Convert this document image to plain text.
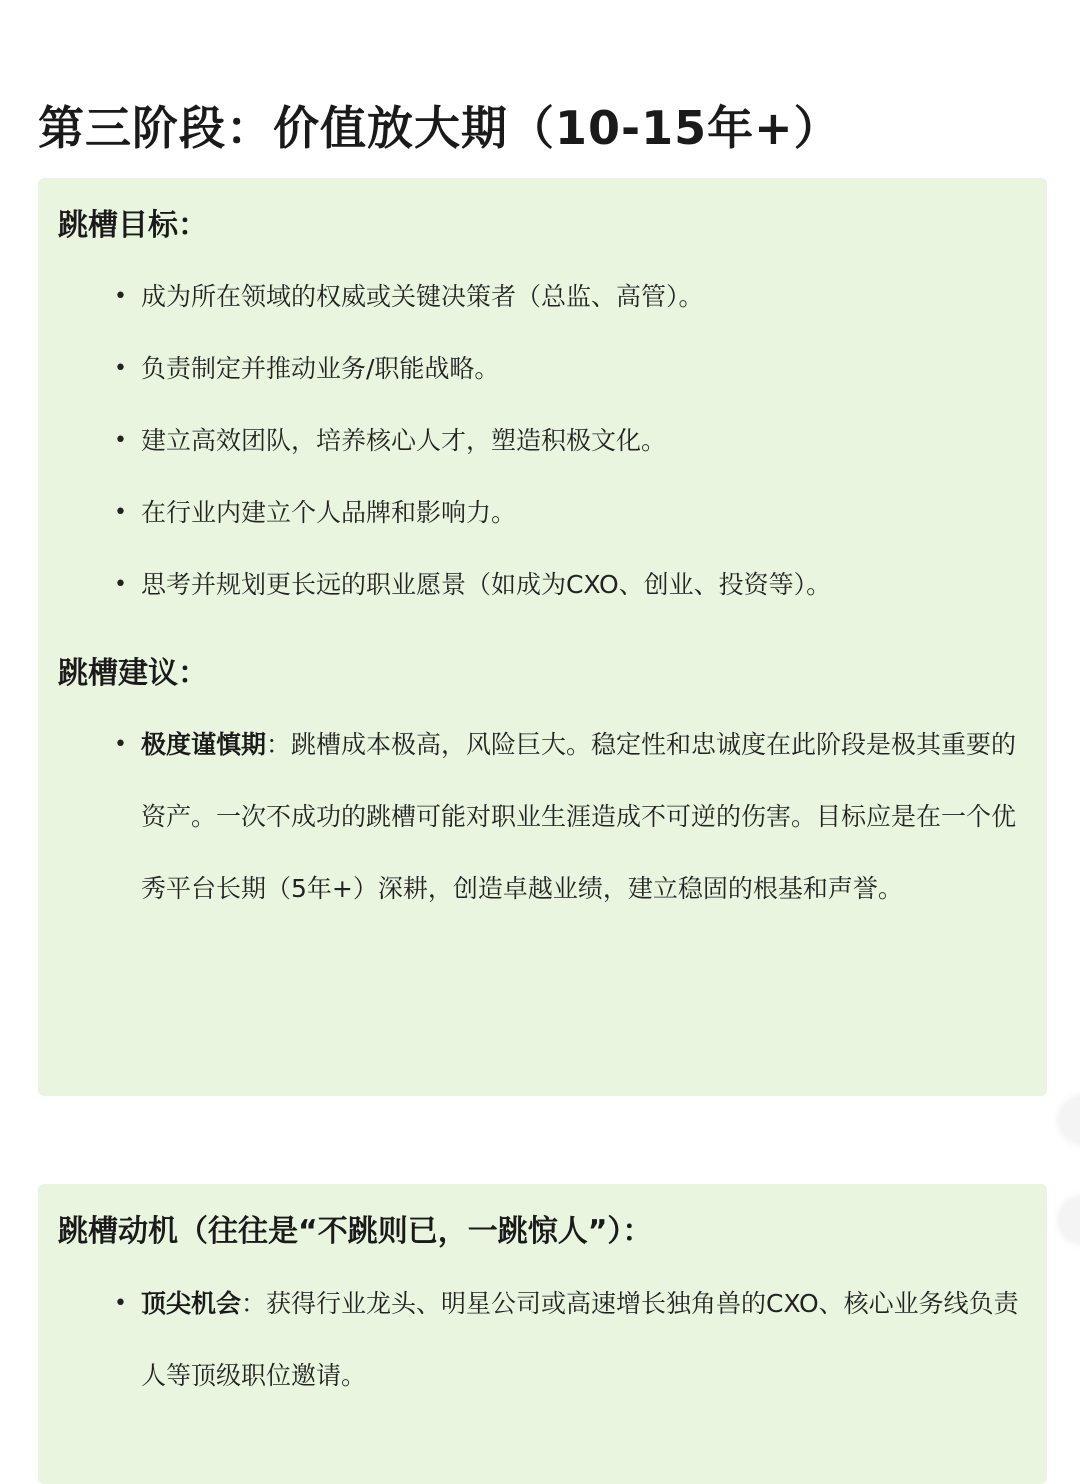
第三阶段：价值放大期（10-15年+）
跳槽目标：
• 成为所在领域的权威或关键决策者（总监、高管）。
• 负责制定并推动业务/职能战略。
• 建立高效团队，培养核心人才，塑造积极文化。
• 在行业内建立个人品牌和影响力。
• 思考并规划更长远的职业愿景（如成为CXO、创业、投资等）。
跳槽建议：
• 极度谨慎期：跳槽成本极高，风险巨大。稳定性和忠诚度在此阶段是极其重要的资产。一次不成功的跳槽可能对职业生涯造成不可逆的伤害。目标应是在一个优秀平台长期（5年+）深耕，创造卓越业绩，建立稳固的根基和声誉。
跳槽动机（往往是“不跳则已，一跳惊人”）：
• 顶尖机会：获得行业龙头、明星公司或高速增长独角兽的CXO、核心业务线负责人等顶级职位邀请。
